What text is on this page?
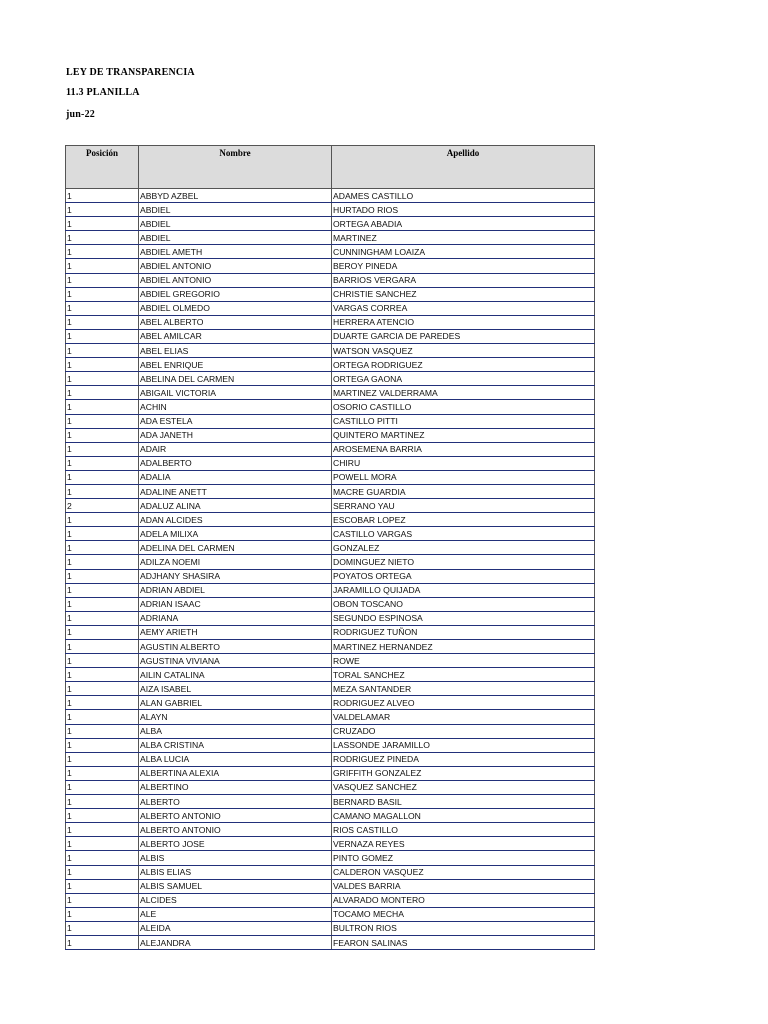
LEY DE TRANSPARENCIA
11.3 PLANILLA
jun-22
Posición	Nombre	Apellido
1	ABBYD AZBEL	ADAMES CASTILLO
1	ABDIEL	HURTADO RIOS
1	ABDIEL	ORTEGA ABADIA
1	ABDIEL	MARTINEZ
1	ABDIEL AMETH	CUNNINGHAM LOAIZA
1	ABDIEL ANTONIO	BEROY PINEDA
1	ABDIEL ANTONIO	BARRIOS VERGARA
1	ABDIEL GREGORIO	CHRISTIE SANCHEZ
1	ABDIEL OLMEDO	VARGAS CORREA
1	ABEL ALBERTO	HERRERA ATENCIO
1	ABEL AMILCAR	DUARTE GARCIA DE PAREDES
1	ABEL ELIAS	WATSON VASQUEZ
1	ABEL ENRIQUE	ORTEGA RODRIGUEZ
1	ABELINA DEL CARMEN	ORTEGA GAONA
1	ABIGAIL VICTORIA	MARTINEZ VALDERRAMA
1	ACHIN	OSORIO CASTILLO
1	ADA ESTELA	CASTILLO PITTI
1	ADA JANETH	QUINTERO MARTINEZ
1	ADAIR	AROSEMENA BARRIA
1	ADALBERTO	CHIRU
1	ADALIA	POWELL MORA
1	ADALINE ANETT	MACRE GUARDIA
2	ADALUZ ALINA	SERRANO YAU
1	ADAN ALCIDES	ESCOBAR LOPEZ
1	ADELA MILIXA	CASTILLO VARGAS
1	ADELINA DEL CARMEN	GONZALEZ
1	ADILZA NOEMI	DOMINGUEZ NIETO
1	ADJHANY SHASIRA	POYATOS ORTEGA
1	ADRIAN ABDIEL	JARAMILLO QUIJADA
1	ADRIAN ISAAC	OBON TOSCANO
1	ADRIANA	SEGUNDO ESPINOSA
1	AEMY ARIETH	RODRIGUEZ TUÑON
1	AGUSTIN ALBERTO	MARTINEZ HERNANDEZ
1	AGUSTINA VIVIANA	ROWE
1	AILIN CATALINA	TORAL SANCHEZ
1	AIZA ISABEL	MEZA SANTANDER
1	ALAN GABRIEL	RODRIGUEZ ALVEO
1	ALAYN	VALDELAMAR
1	ALBA	CRUZADO
1	ALBA CRISTINA	LASSONDE JARAMILLO
1	ALBA LUCIA	RODRIGUEZ PINEDA
1	ALBERTINA ALEXIA	GRIFFITH GONZALEZ
1	ALBERTINO	VASQUEZ SANCHEZ
1	ALBERTO	BERNARD BASIL
1	ALBERTO ANTONIO	CAMANO MAGALLON
1	ALBERTO ANTONIO	RIOS CASTILLO
1	ALBERTO JOSE	VERNAZA REYES
1	ALBIS	PINTO GOMEZ
1	ALBIS ELIAS	CALDERON VASQUEZ
1	ALBIS SAMUEL	VALDES BARRIA
1	ALCIDES	ALVARADO MONTERO
1	ALE	TOCAMO MECHA
1	ALEIDA	BULTRON RIOS
1	ALEJANDRA	FEARON SALINAS
